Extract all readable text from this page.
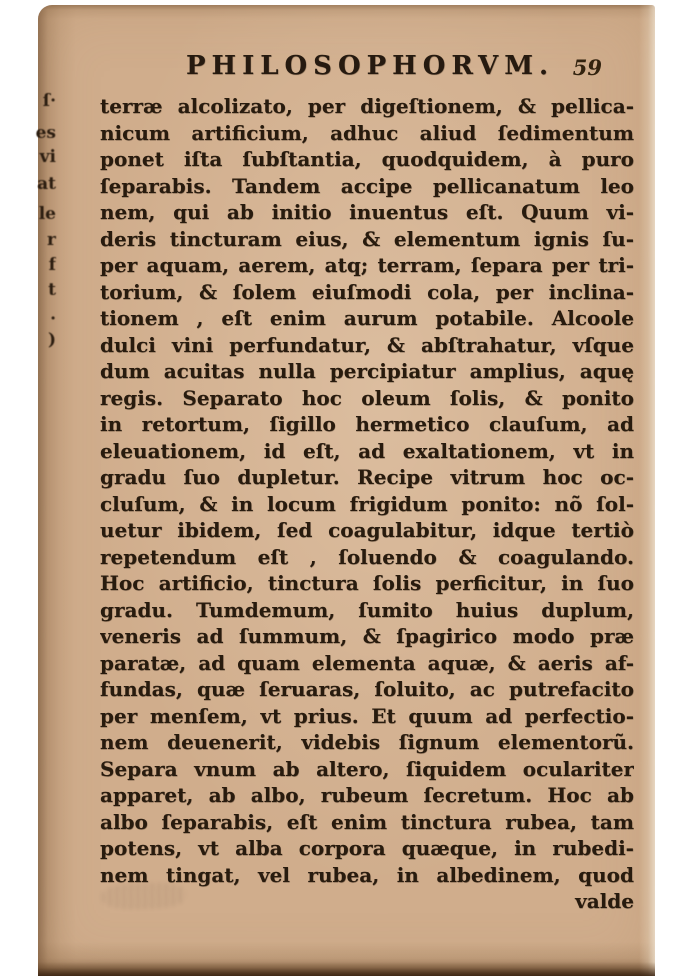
ſ·
es
vi
at
le
r
f
t
·
)
PHILOSOPHORVM. 59
terræ alcolizato, per digeſtionem, & pellica-
nicum artificium, adhuc aliud ſedimentum
ponet iſta ſubſtantia, quodquidem, à puro
ſeparabis. Tandem accipe pellicanatum leo
nem, qui ab initio inuentus eſt. Quum vi-
deris tincturam eius, & elementum ignis ſu-
per aquam, aerem, atq; terram, ſepara per tri-
torium, & ſolem eiuſmodi cola, per inclina-
tionem , eſt enim aurum potabile. Alcoole
dulci vini perfundatur, & abſtrahatur, vſque
dum acuitas nulla percipiatur amplius, aquę
regis. Separato hoc oleum ſolis, & ponito
in retortum, ſigillo hermetico clauſum, ad
eleuationem, id eſt, ad exaltationem, vt in
gradu ſuo dupletur. Recipe vitrum hoc oc-
cluſum, & in locum frigidum ponito: nõ ſol-
uetur ibidem, ſed coagulabitur, idque tertiò
repetendum eſt , ſoluendo & coagulando.
Hoc artificio, tinctura ſolis perficitur, in ſuo
gradu. Tumdemum, ſumito huius duplum,
veneris ad ſummum, & ſpagirico modo præ
paratæ, ad quam elementa aquæ, & aeris af-
fundas, quæ ſeruaras, ſoluito, ac putrefacito
per menſem, vt prius. Et quum ad perfectio-
nem deuenerit, videbis ſignum elementorũ.
Separa vnum ab altero, ſiquidem oculariter
apparet, ab albo, rubeum ſecretum. Hoc ab
albo ſeparabis, eſt enim tinctura rubea, tam
potens, vt alba corpora quæque, in rubedi-
nem tingat, vel rubea, in albedinem, quod
valde
